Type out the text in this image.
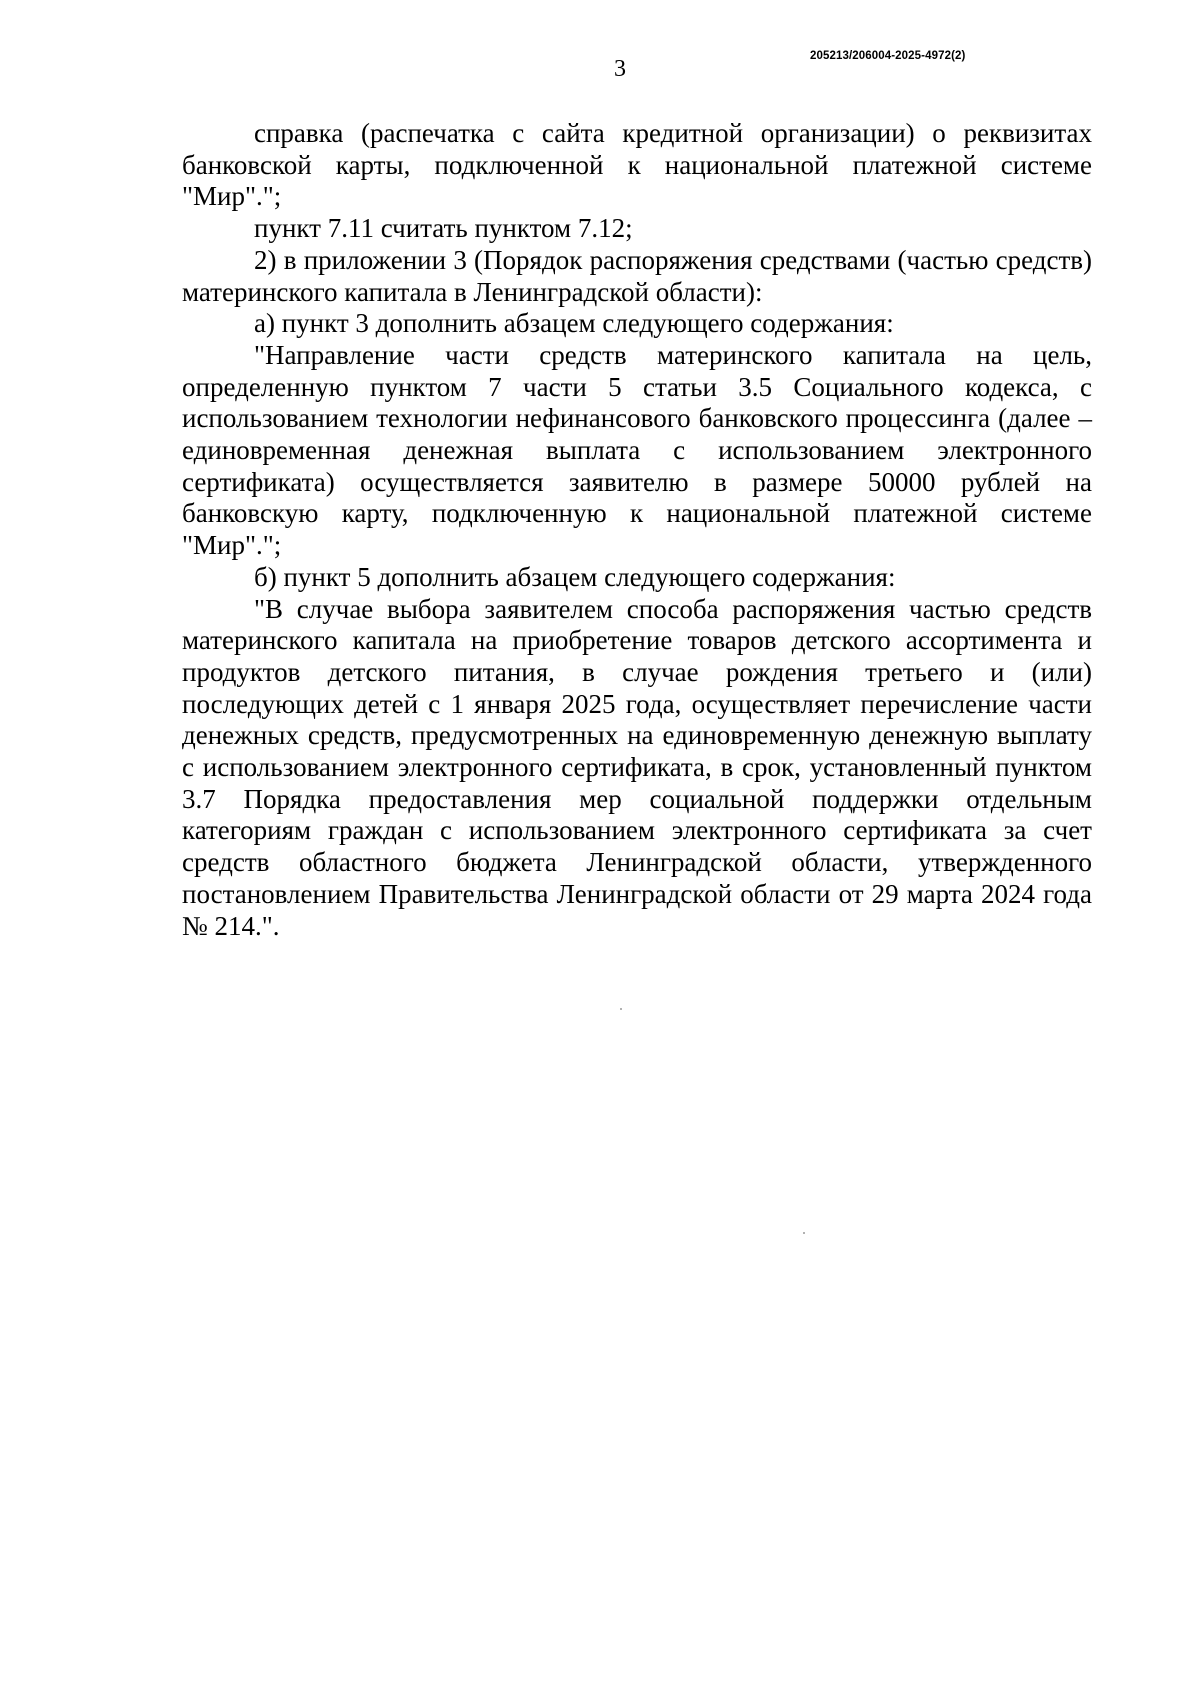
3	205213/206004-2025-4972(2)

справка (распечатка с сайта кредитной организации) о реквизитах банковской карты, подключенной к национальной платежной системе "Мир".";

пункт 7.11 считать пунктом 7.12;

2) в приложении 3 (Порядок распоряжения средствами (частью средств) материнского капитала в Ленинградской области):

а) пункт 3 дополнить абзацем следующего содержания:

"Направление части средств материнского капитала на цель, определенную пунктом 7 части 5 статьи 3.5 Социального кодекса, с использованием технологии нефинансового банковского процессинга (далее – единовременная денежная выплата с использованием электронного сертификата) осуществляется заявителю в размере 50000 рублей на банковскую карту, подключенную к национальной платежной системе "Мир".";

б) пункт 5 дополнить абзацем следующего содержания:

"В случае выбора заявителем способа распоряжения частью средств материнского капитала на приобретение товаров детского ассортимента и продуктов детского питания, в случае рождения третьего и (или) последующих детей с 1 января 2025 года, осуществляет перечисление части денежных средств, предусмотренных на единовременную денежную выплату с использованием электронного сертификата, в срок, установленный пунктом 3.7 Порядка предоставления мер социальной поддержки отдельным категориям граждан с использованием электронного сертификата за счет средств областного бюджета Ленинградской области, утвержденного постановлением Правительства Ленинградской области от 29 марта 2024 года № 214.".
